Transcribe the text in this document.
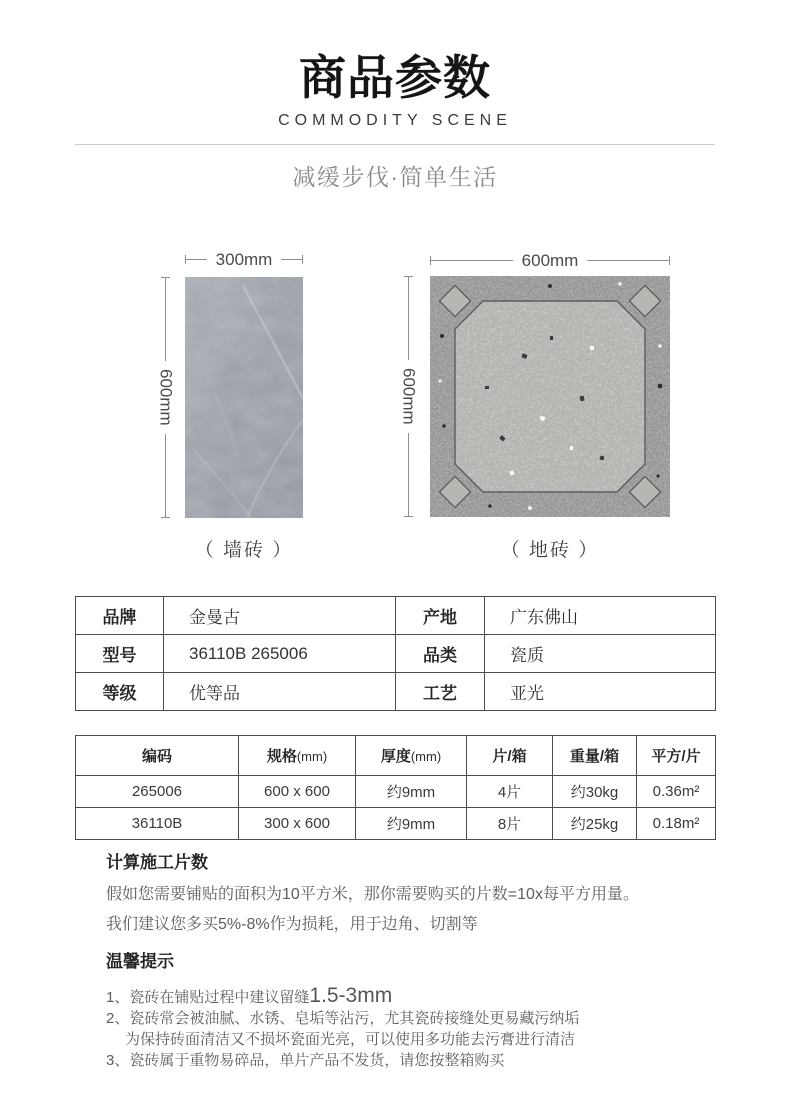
商品参数
COMMODITY SCENE
减缓步伐·简单生活
300mm
600mm
（ 墙砖 ）
600mm
600mm
（ 地砖 ）
品牌	金曼古	产地	广东佛山
型号	36110B 265006	品类	瓷质
等级	优等品	工艺	亚光
编码	规格(mm)	厚度(mm)	片/箱	重量/箱	平方/片
265006	600 x 600	约9mm	4片	约30kg	0.36m²
36110B	300 x 600	约9mm	8片	约25kg	0.18m²
计算施工片数

假如您需要铺贴的面积为10平方米，那你需要购买的片数=10x每平方用量。

我们建议您多买5%-8%作为损耗，用于边角、切割等

温馨提示

1、瓷砖在铺贴过程中建议留缝1.5-3mm

2、瓷砖常会被油腻、水锈、皂垢等沾污，尤其瓷砖接缝处更易藏污纳垢

为保持砖面清洁又不损坏瓷面光亮，可以使用多功能去污膏进行清洁

3、瓷砖属于重物易碎品，单片产品不发货，请您按整箱购买
